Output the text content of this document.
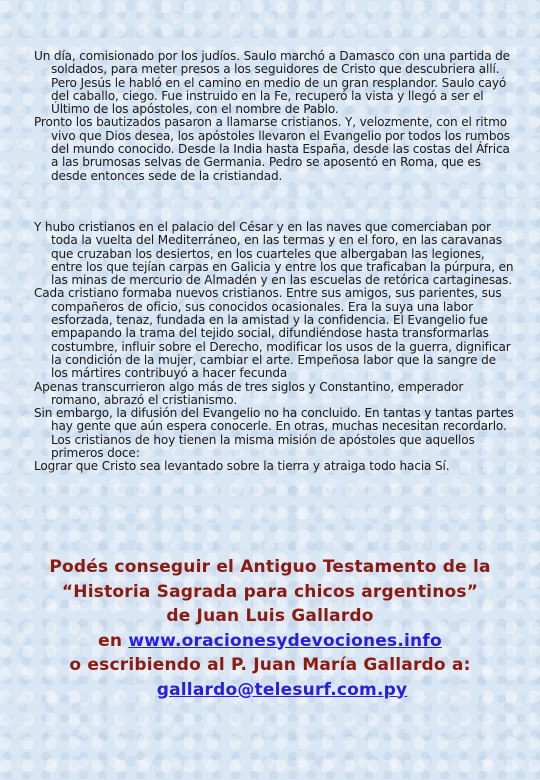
Un día, comisionado por los judíos. Saulo marchó a Damasco con una partida de soldados, para meter presos a los seguidores de Cristo que descubriera allí. Pero Jesús le habló en el camino en medio de un gran resplandor. Saulo cayó del caballo, ciego. Fue instruido en la Fe, recuperó la vista y llegó a ser el Último de los apóstoles, con el nombre de Pablo.

Pronto los bautizados pasaron a llamarse cristianos. Y, velozmente, con el ritmo vivo que Dios desea, los apóstoles llevaron el Evangelio por todos los rumbos del mundo conocido. Desde la India hasta España, desde las costas del África a las brumosas selvas de Germania. Pedro se aposentó en Roma, que es desde entonces sede de la cristiandad.

Y hubo cristianos en el palacio del César y en las naves que comerciaban por toda la vuelta del Mediterráneo, en las termas y en el foro, en las caravanas que cruzaban los desiertos, en los cuarteles que albergaban las legiones, entre los que tejían carpas en Galicia y entre los que traficaban la púrpura, en las minas de mercurio de Almadén y en las escuelas de retórica cartaginesas.

Cada cristiano formaba nuevos cristianos. Entre sus amigos, sus parientes, sus compañeros de oficio, sus conocidos ocasionales. Era la suya una labor esforzada, tenaz, fundada en la amistad y la confidencia. El Evangelio fue empapando la trama del tejido social, difundiéndose hasta transformarlas costumbre, influir sobre el Derecho, modificar los usos de la guerra, dignificar la condición de la mujer, cambiar el arte. Empeñosa labor que la sangre de los mártires contribuyó a hacer fecunda

Apenas transcurrieron algo más de tres siglos y Constantino, emperador romano, abrazó el cristianismo.

Sin embargo, la difusión del Evangelio no ha concluido. En tantas y tantas partes hay gente que aún espera conocerle. En otras, muchas necesitan recordarlo. Los cristianos de hoy tienen la misma misión de apóstoles que aquellos primeros doce:

Lograr que Cristo sea levantado sobre la tierra y atraiga todo hacia Sí.

Podés conseguir el Antiguo Testamento de la
“Historia Sagrada para chicos argentinos”
de Juan Luis Gallardo
en www.oracionesydevociones.info
o escribiendo al P. Juan María Gallardo a:
gallardo@telesurf.com.py
